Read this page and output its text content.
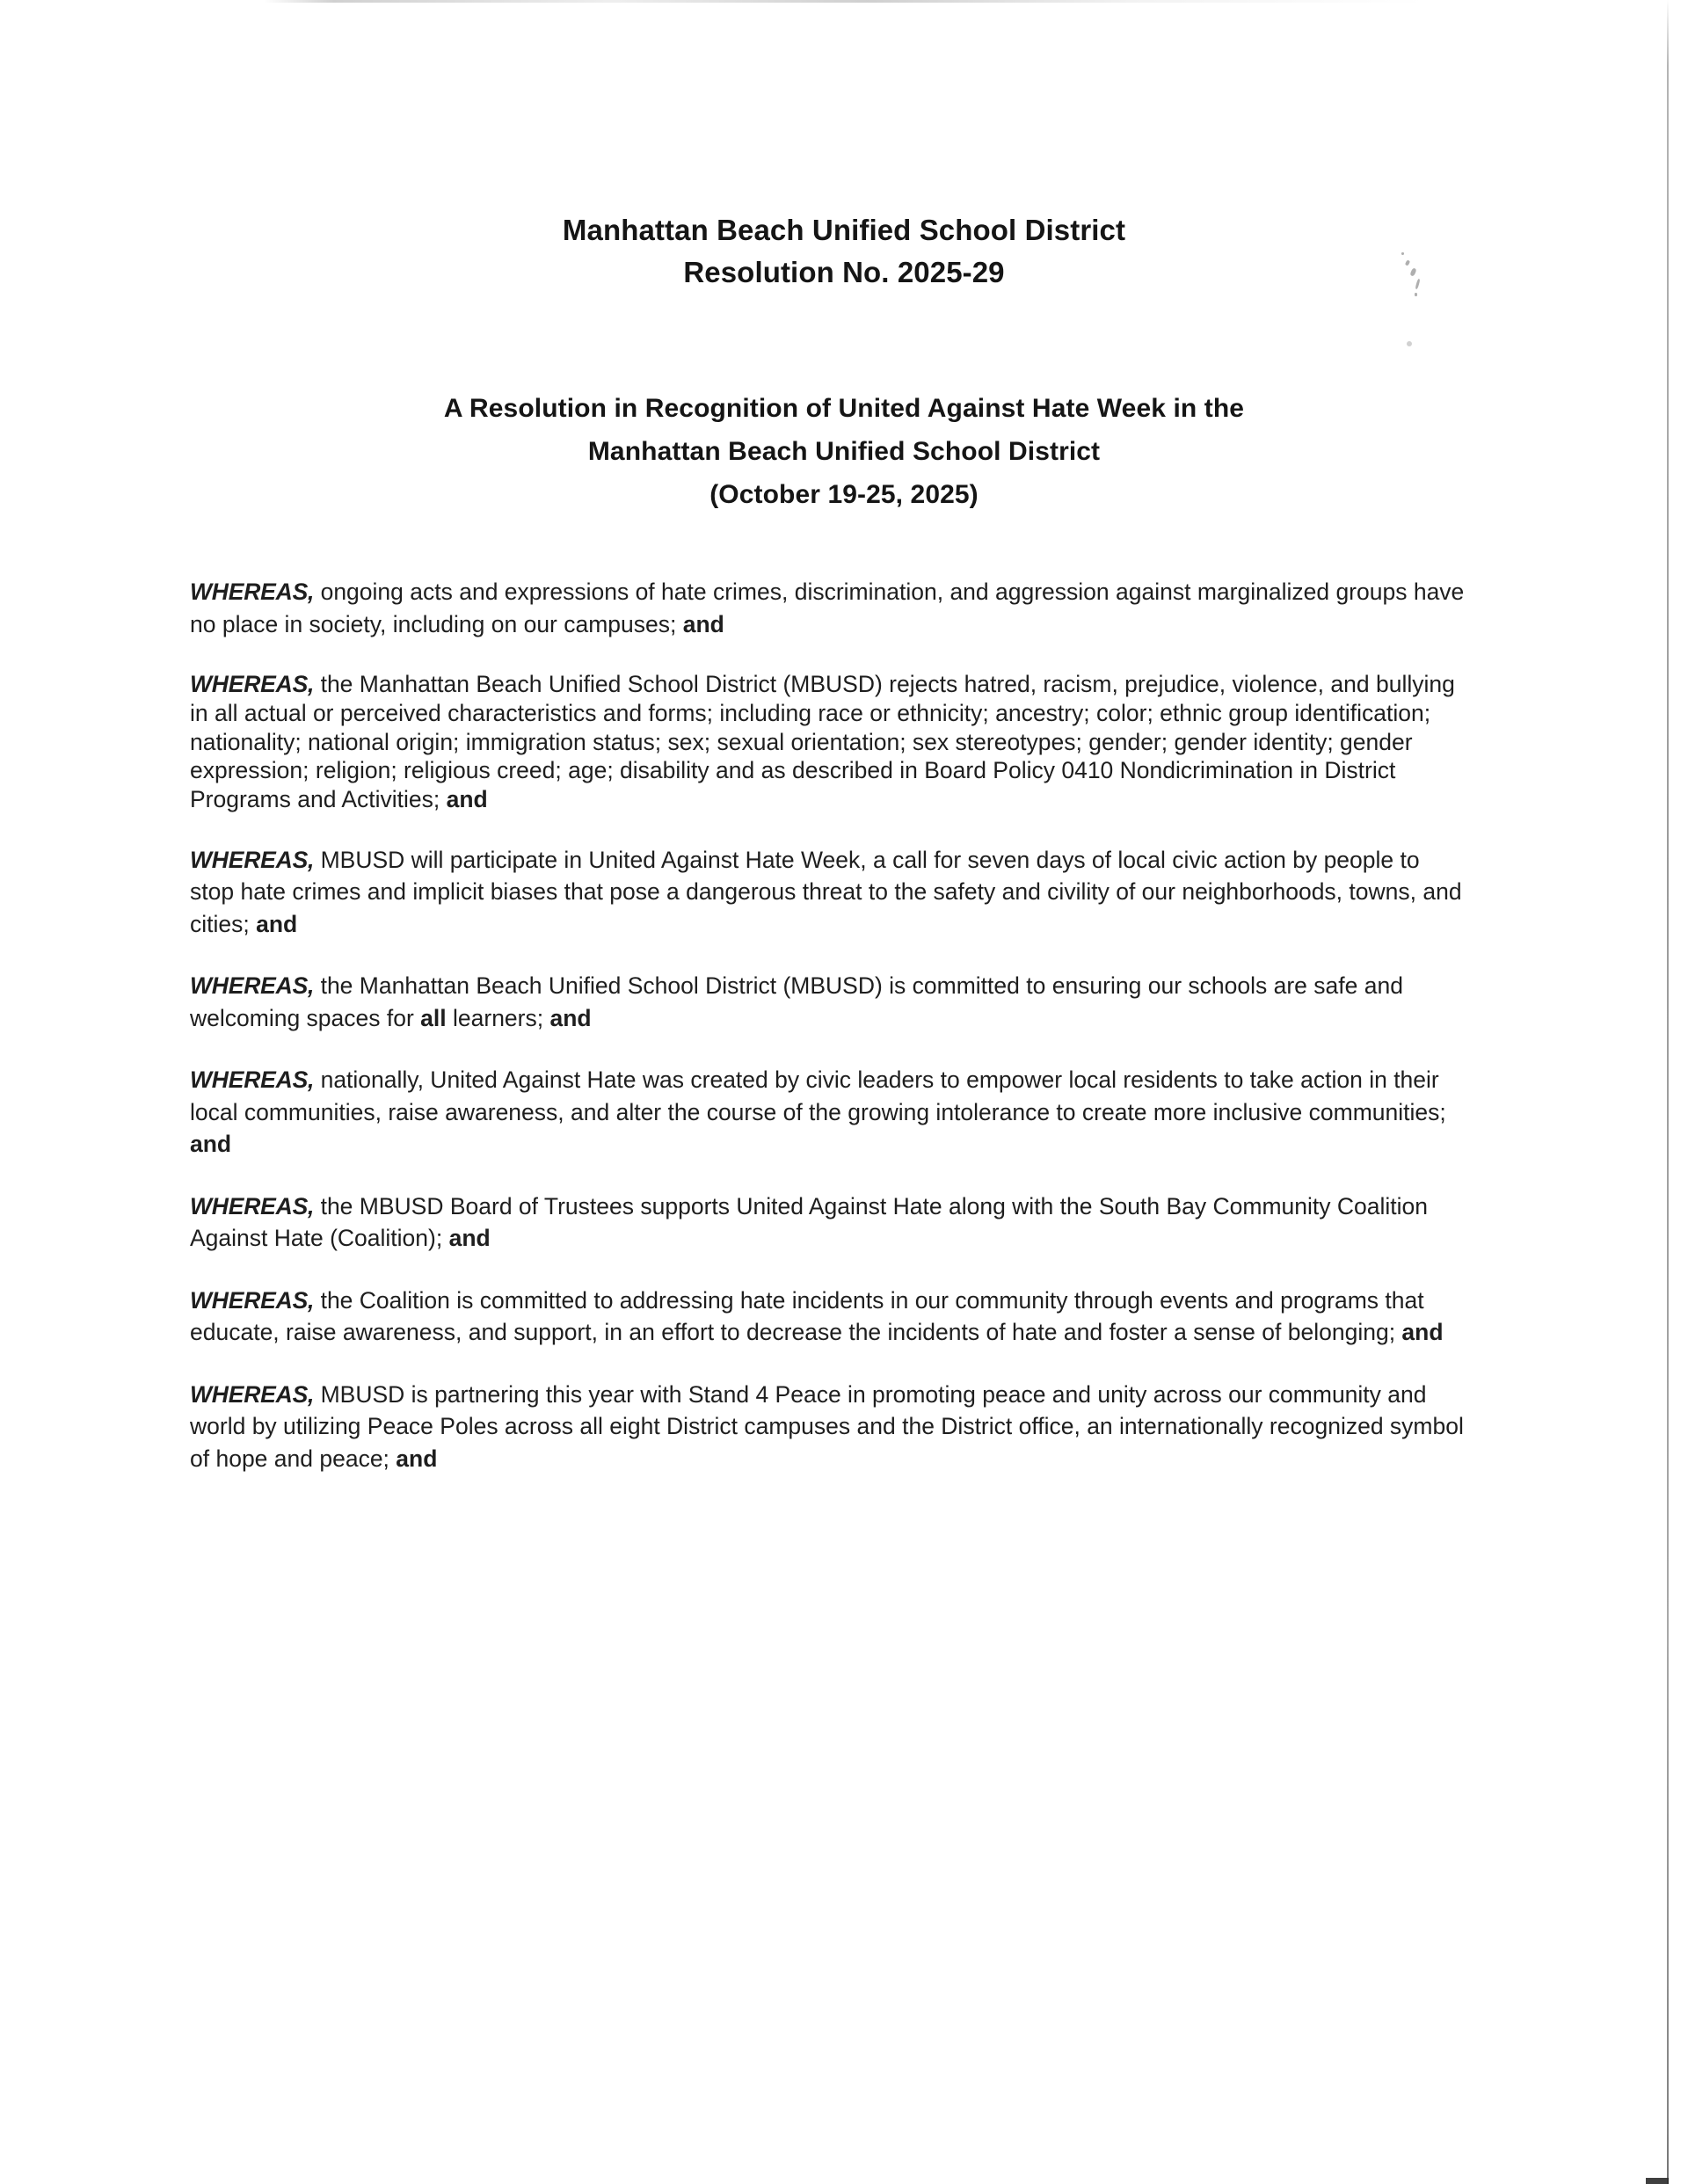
Manhattan Beach Unified School District
Resolution No. 2025-29
A Resolution in Recognition of United Against Hate Week in the
Manhattan Beach Unified School District
(October 19-25, 2025)

WHEREAS, ongoing acts and expressions of hate crimes, discrimination, and aggression against marginalized groups have no place in society, including on our campuses; and

WHEREAS, the Manhattan Beach Unified School District (MBUSD) rejects hatred, racism, prejudice, violence, and bullying in all actual or perceived characteristics and forms; including race or ethnicity; ancestry; color; ethnic group identification; nationality; national origin; immigration status; sex; sexual orientation; sex stereotypes; gender; gender identity; gender expression; religion; religious creed; age; disability and as described in Board Policy 0410 Nondicrimination in District Programs and Activities; and

WHEREAS, MBUSD will participate in United Against Hate Week, a call for seven days of local civic action by people to stop hate crimes and implicit biases that pose a dangerous threat to the safety and civility of our neighborhoods, towns, and cities; and

WHEREAS, the Manhattan Beach Unified School District (MBUSD) is committed to ensuring our schools are safe and welcoming spaces for all learners; and

WHEREAS, nationally, United Against Hate was created by civic leaders to empower local residents to take action in their local communities, raise awareness, and alter the course of the growing intolerance to create more inclusive communities; and

WHEREAS, the MBUSD Board of Trustees supports United Against Hate along with the South Bay Community Coalition Against Hate (Coalition); and

WHEREAS, the Coalition is committed to addressing hate incidents in our community through events and programs that educate, raise awareness, and support, in an effort to decrease the incidents of hate and foster a sense of belonging; and

WHEREAS, MBUSD is partnering this year with Stand 4 Peace in promoting peace and unity across our community and world by utilizing Peace Poles across all eight District campuses and the District office, an internationally recognized symbol of hope and peace; and
